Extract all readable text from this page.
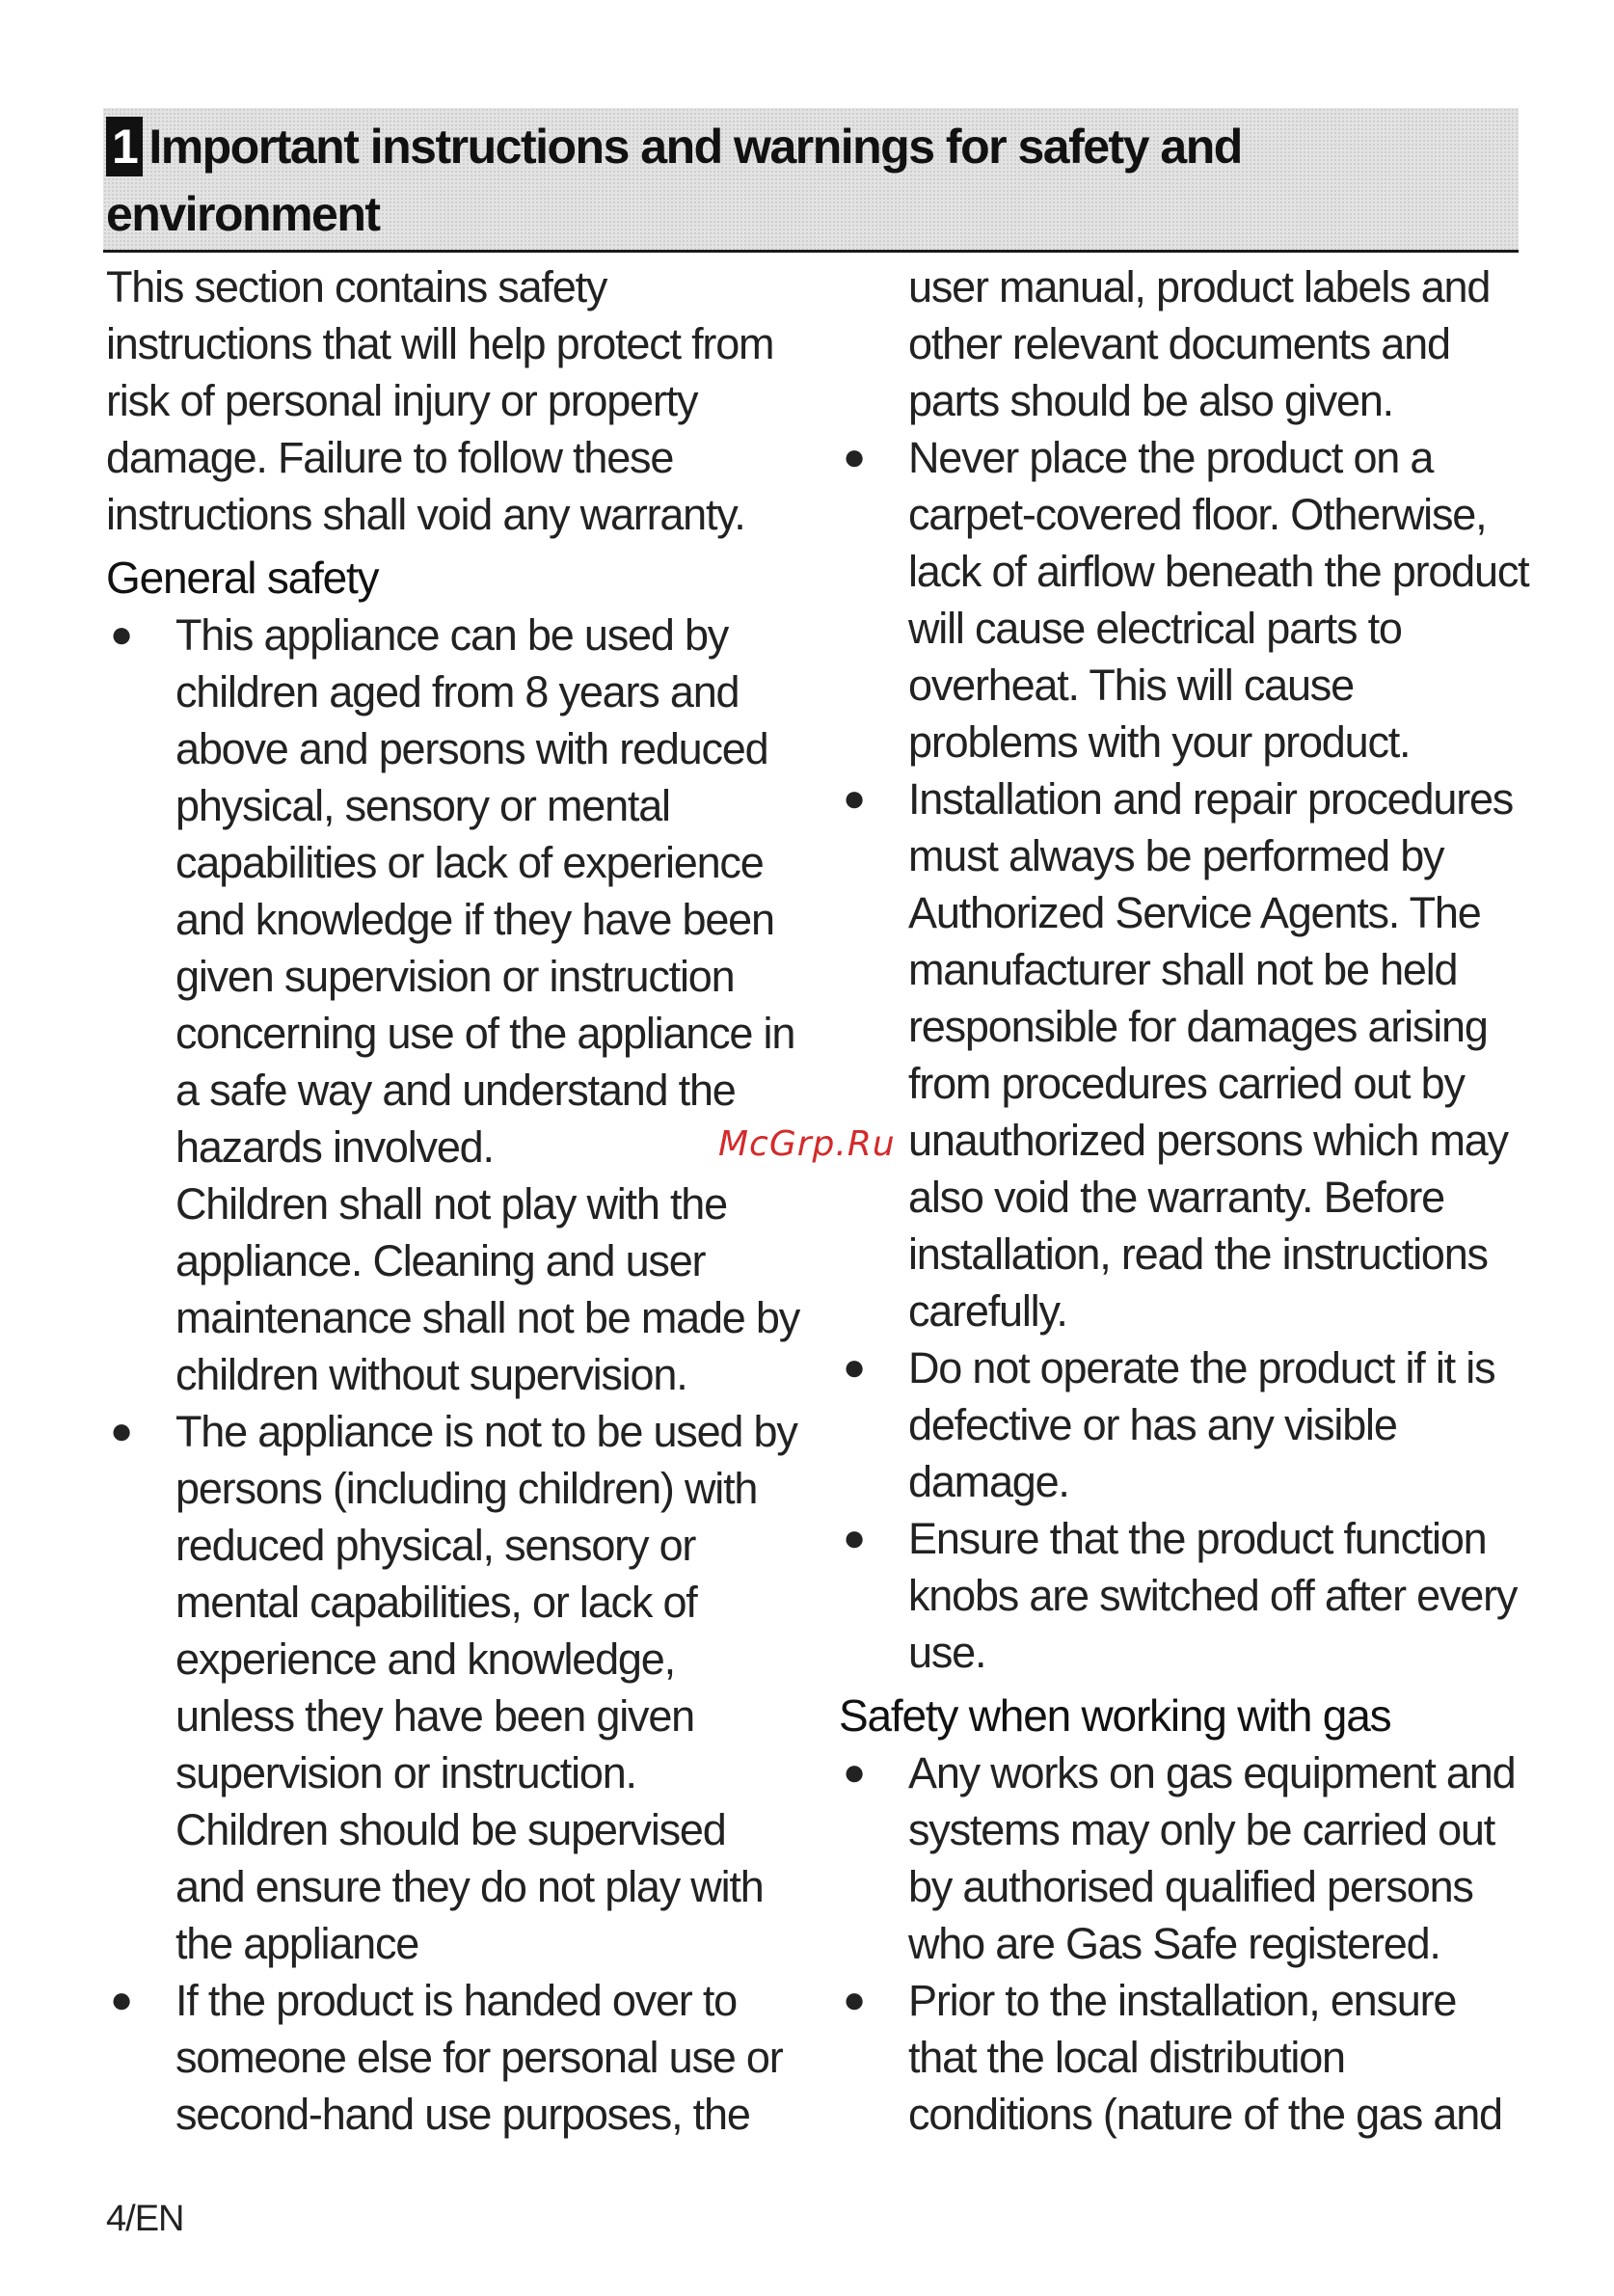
1 Important instructions and warnings for safety and
environment

This section contains safety instructions that will help protect from risk of personal injury or property damage. Failure to follow these instructions shall void any warranty.

General safety
● This appliance can be used by children aged from 8 years and above and persons with reduced physical, sensory or mental capabilities or lack of experience and knowledge if they have been given supervision or instruction concerning use of the appliance in a safe way and understand the hazards involved.
Children shall not play with the appliance. Cleaning and user maintenance shall not be made by children without supervision.
● The appliance is not to be used by persons (including children) with reduced physical, sensory or mental capabilities, or lack of experience and knowledge, unless they have been given supervision or instruction.
Children should be supervised and ensure they do not play with the appliance
● If the product is handed over to someone else for personal use or second-hand use purposes, the

user manual, product labels and other relevant documents and parts should be also given.

● Never place the product on a carpet-covered floor. Otherwise, lack of airflow beneath the product will cause electrical parts to overheat. This will cause problems with your product.
● Installation and repair procedures must always be performed by Authorized Service Agents. The manufacturer shall not be held responsible for damages arising from procedures carried out by unauthorized persons which may also void the warranty. Before installation, read the instructions carefully.
● Do not operate the product if it is defective or has any visible damage.
● Ensure that the product function knobs are switched off after every use.
Safety when working with gas
● Any works on gas equipment and systems may only be carried out by authorised qualified persons who are Gas Safe registered.
● Prior to the installation, ensure that the local distribution conditions (nature of the gas and
McGrp.Ru
4/EN
